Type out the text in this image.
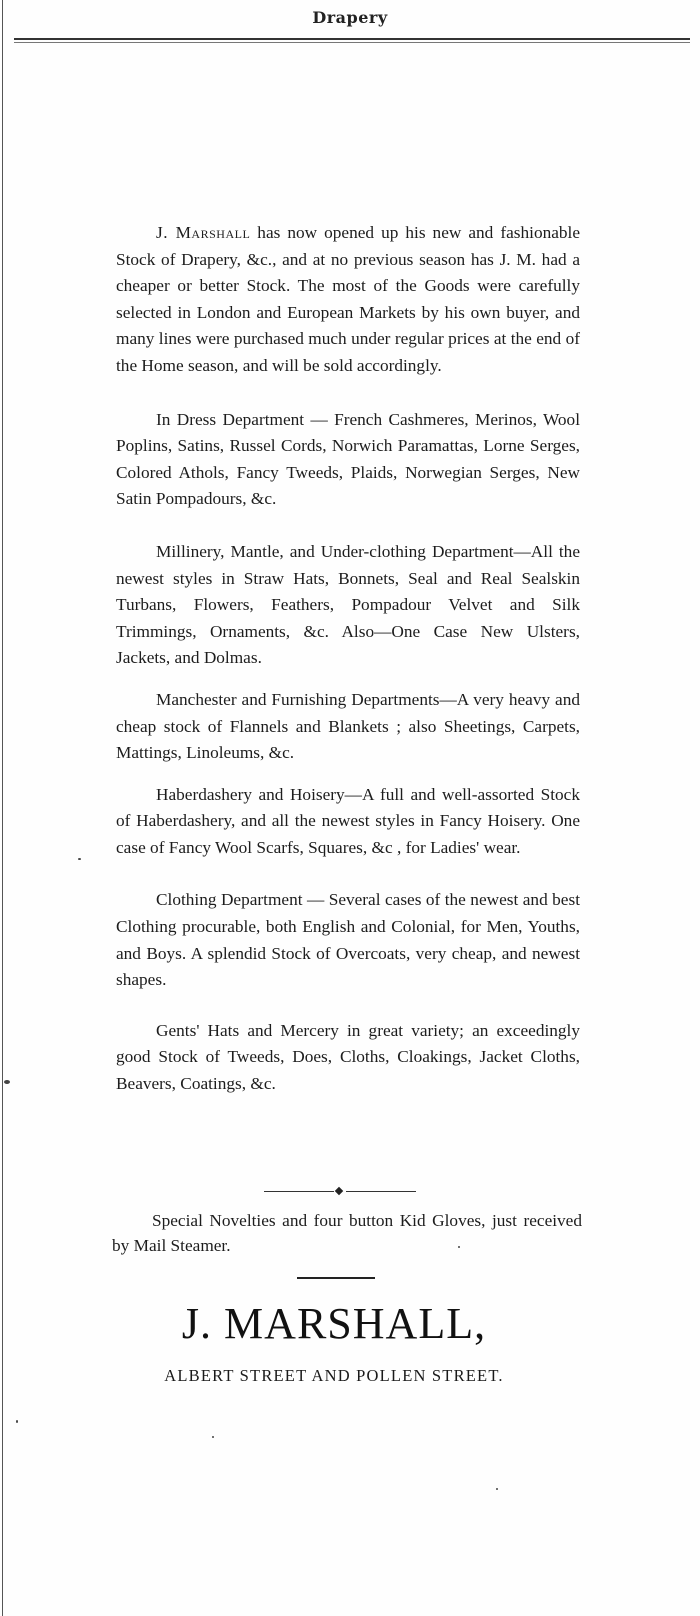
Drapery

J. Marshall has now opened up his new and fashionable Stock of Drapery, &c., and at no previous season has J. M. had a cheaper or better Stock. The most of the Goods were carefully selected in London and European Markets by his own buyer, and many lines were purchased much under regular prices at the end of the Home season, and will be sold accordingly.

In Dress Department — French Cashmeres, Merinos, Wool Poplins, Satins, Russel Cords, Norwich Paramattas, Lorne Serges, Colored Athols, Fancy Tweeds, Plaids, Norwegian Serges, New Satin Pompadours, &c.

Millinery, Mantle, and Under-clothing Department—All the newest styles in Straw Hats, Bonnets, Seal and Real Sealskin Turbans, Flowers, Feathers, Pompadour Velvet and Silk Trimmings, Ornaments, &c. Also—One Case New Ulsters, Jackets, and Dolmas.

Manchester and Furnishing Departments—A very heavy and cheap stock of Flannels and Blankets ; also Sheetings, Carpets, Mattings, Linoleums, &c.

Haberdashery and Hoisery—A full and well-assorted Stock of Haberdashery, and all the newest styles in Fancy Hoisery. One case of Fancy Wool Scarfs, Squares, &c , for Ladies' wear.

Clothing Department — Several cases of the newest and best Clothing procurable, both English and Colonial, for Men, Youths, and Boys. A splendid Stock of Overcoats, very cheap, and newest shapes.

Gents' Hats and Mercery in great variety; an exceedingly good Stock of Tweeds, Does, Cloths, Cloakings, Jacket Cloths, Beavers, Coatings, &c.

Special Novelties and four button Kid Gloves, just received by Mail Steamer.

J. MARSHALL,
ALBERT STREET AND POLLEN STREET.
